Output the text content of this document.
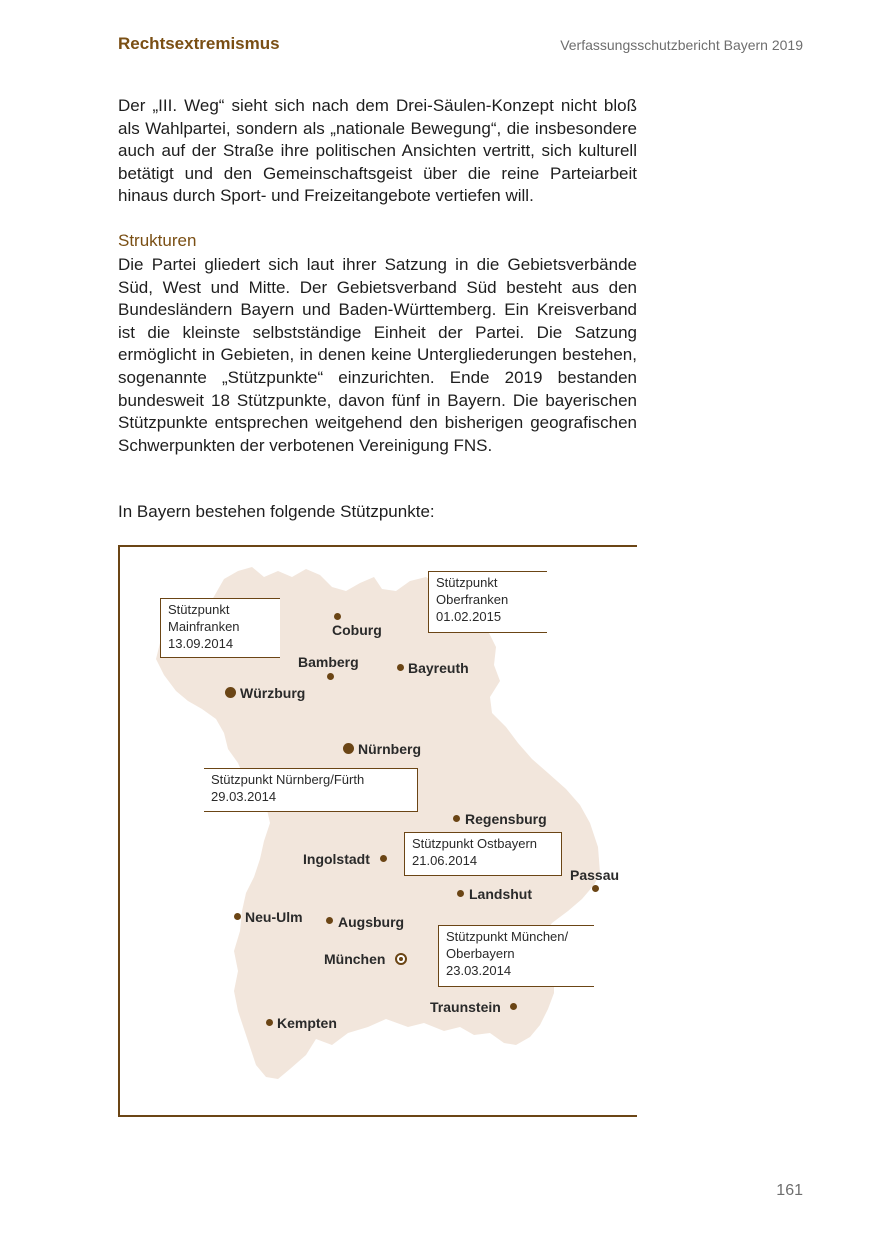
Rechtsextremismus	Verfassungsschutzbericht Bayern 2019

Der „III. Weg“ sieht sich nach dem Drei-Säulen-Konzept nicht bloß als Wahlpartei, sondern als „nationale Bewegung“, die insbesondere auch auf der Straße ihre politischen Ansichten vertritt, sich kulturell betätigt und den Gemeinschaftsgeist über die reine Parteiarbeit hinaus durch Sport- und Freizeitangebote vertiefen will.

Strukturen

Die Partei gliedert sich laut ihrer Satzung in die Gebietsverbände Süd, West und Mitte. Der Gebietsverband Süd besteht aus den Bundesländern Bayern und Baden-Württemberg. Ein Kreisverband ist die kleinste selbstständige Einheit der Partei. Die Satzung ermöglicht in Gebieten, in denen keine Untergliederungen bestehen, sogenannte „Stützpunkte“ einzurichten. Ende 2019 bestanden bundesweit 18 Stützpunkte, davon fünf in Bayern. Die bayerischen Stützpunkte entsprechen weitgehend den bisherigen geografischen Schwerpunkten der verbotenen Vereinigung FNS.

In Bayern bestehen folgende Stützpunkte:

Coburg
Bamberg	Bayreuth
Würzburg
Nürnberg
Regensburg
Ingolstadt
Passau
Landshut
Neu-Ulm	Augsburg
München
Traunstein
Kempten
Stützpunkt
Mainfranken
13.09.2014
Stützpunkt
Oberfranken
01.02.2015
Stützpunkt Nürnberg/Fürth
29.03.2014
Stützpunkt Ostbayern
21.06.2014
Stützpunkt München/
Oberbayern
23.03.2014
161
